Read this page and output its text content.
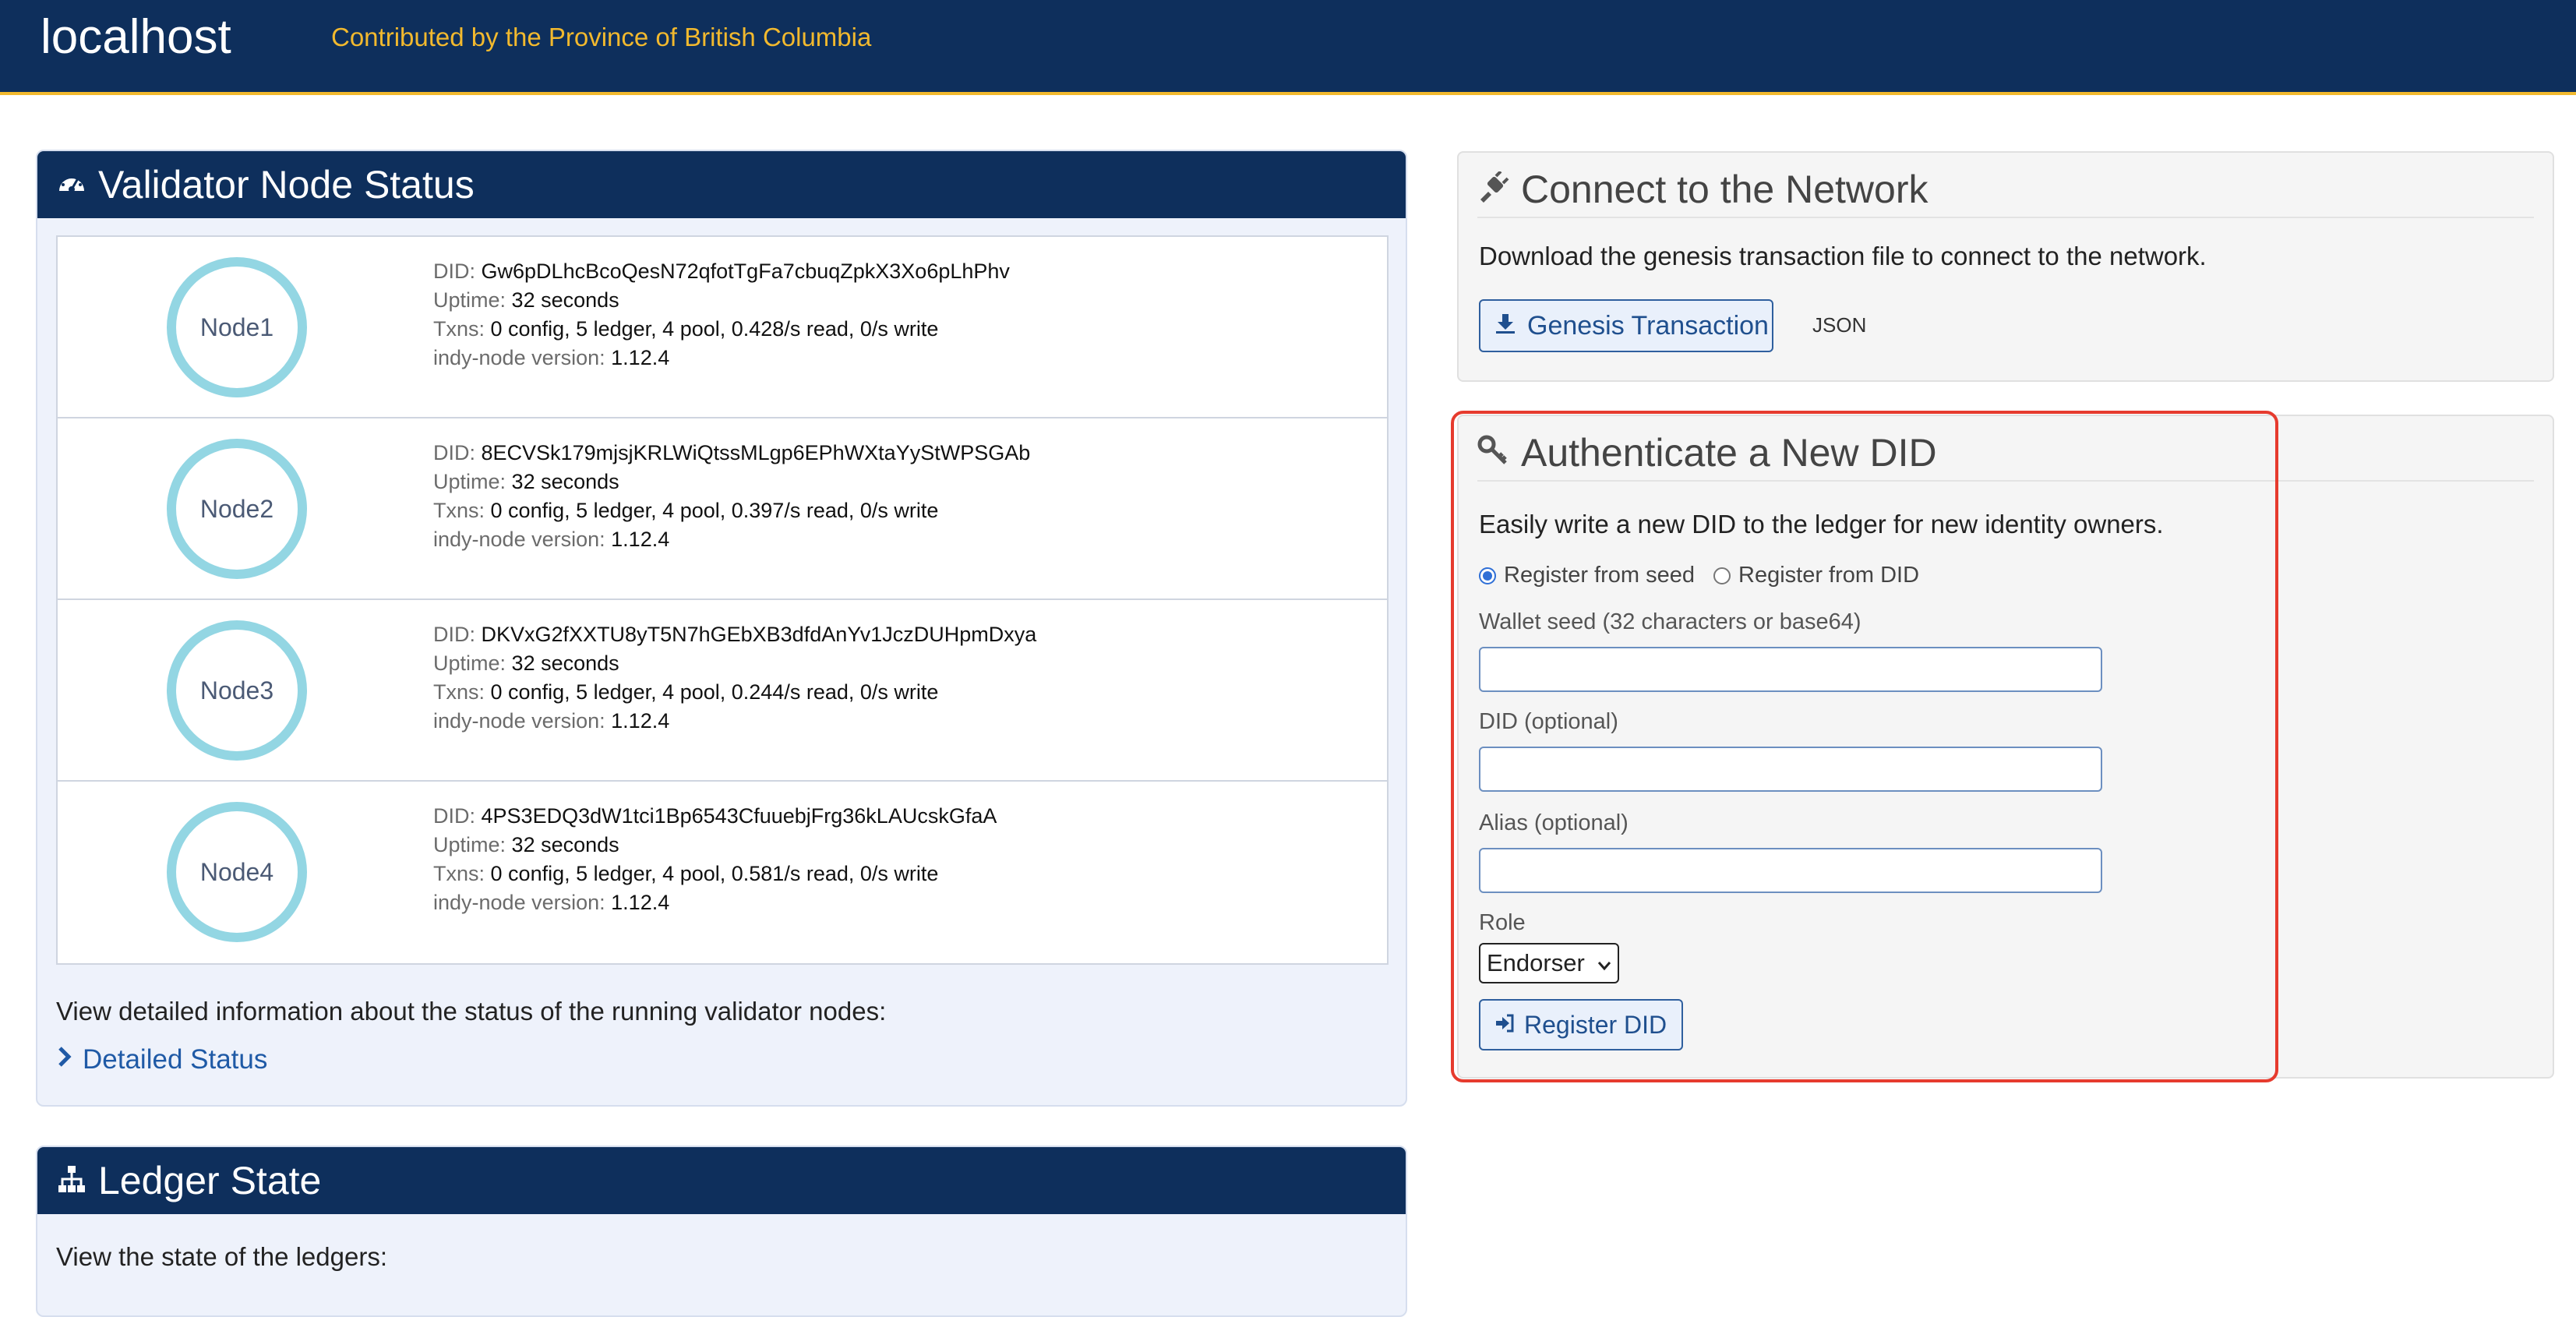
localhost	Contributed by the Province of British Columbia
Validator Node Status
Node1
DID: Gw6pDLhcBcoQesN72qfotTgFa7cbuqZpkX3Xo6pLhPhv
Uptime: 32 seconds
Txns: 0 config, 5 ledger, 4 pool, 0.428/s read, 0/s write
indy-node version: 1.12.4
Node2
DID: 8ECVSk179mjsjKRLWiQtssMLgp6EPhWXtaYyStWPSGAb
Uptime: 32 seconds
Txns: 0 config, 5 ledger, 4 pool, 0.397/s read, 0/s write
indy-node version: 1.12.4
Node3
DID: DKVxG2fXXTU8yT5N7hGEbXB3dfdAnYv1JczDUHpmDxya
Uptime: 32 seconds
Txns: 0 config, 5 ledger, 4 pool, 0.244/s read, 0/s write
indy-node version: 1.12.4
Node4
DID: 4PS3EDQ3dW1tci1Bp6543CfuuebjFrg36kLAUcskGfaA
Uptime: 32 seconds
Txns: 0 config, 5 ledger, 4 pool, 0.581/s read, 0/s write
indy-node version: 1.12.4
View detailed information about the status of the running validator nodes:
Detailed Status
Ledger State
View the state of the ledgers:
Connect to the Network
Download the genesis transaction file to connect to the network.
Genesis Transaction JSON
Authenticate a New DID
Easily write a new DID to the ledger for new identity owners.
Register from seed Register from DID
Wallet seed (32 characters or base64)
DID (optional)
Alias (optional)
Role
Endorser
Register DID
